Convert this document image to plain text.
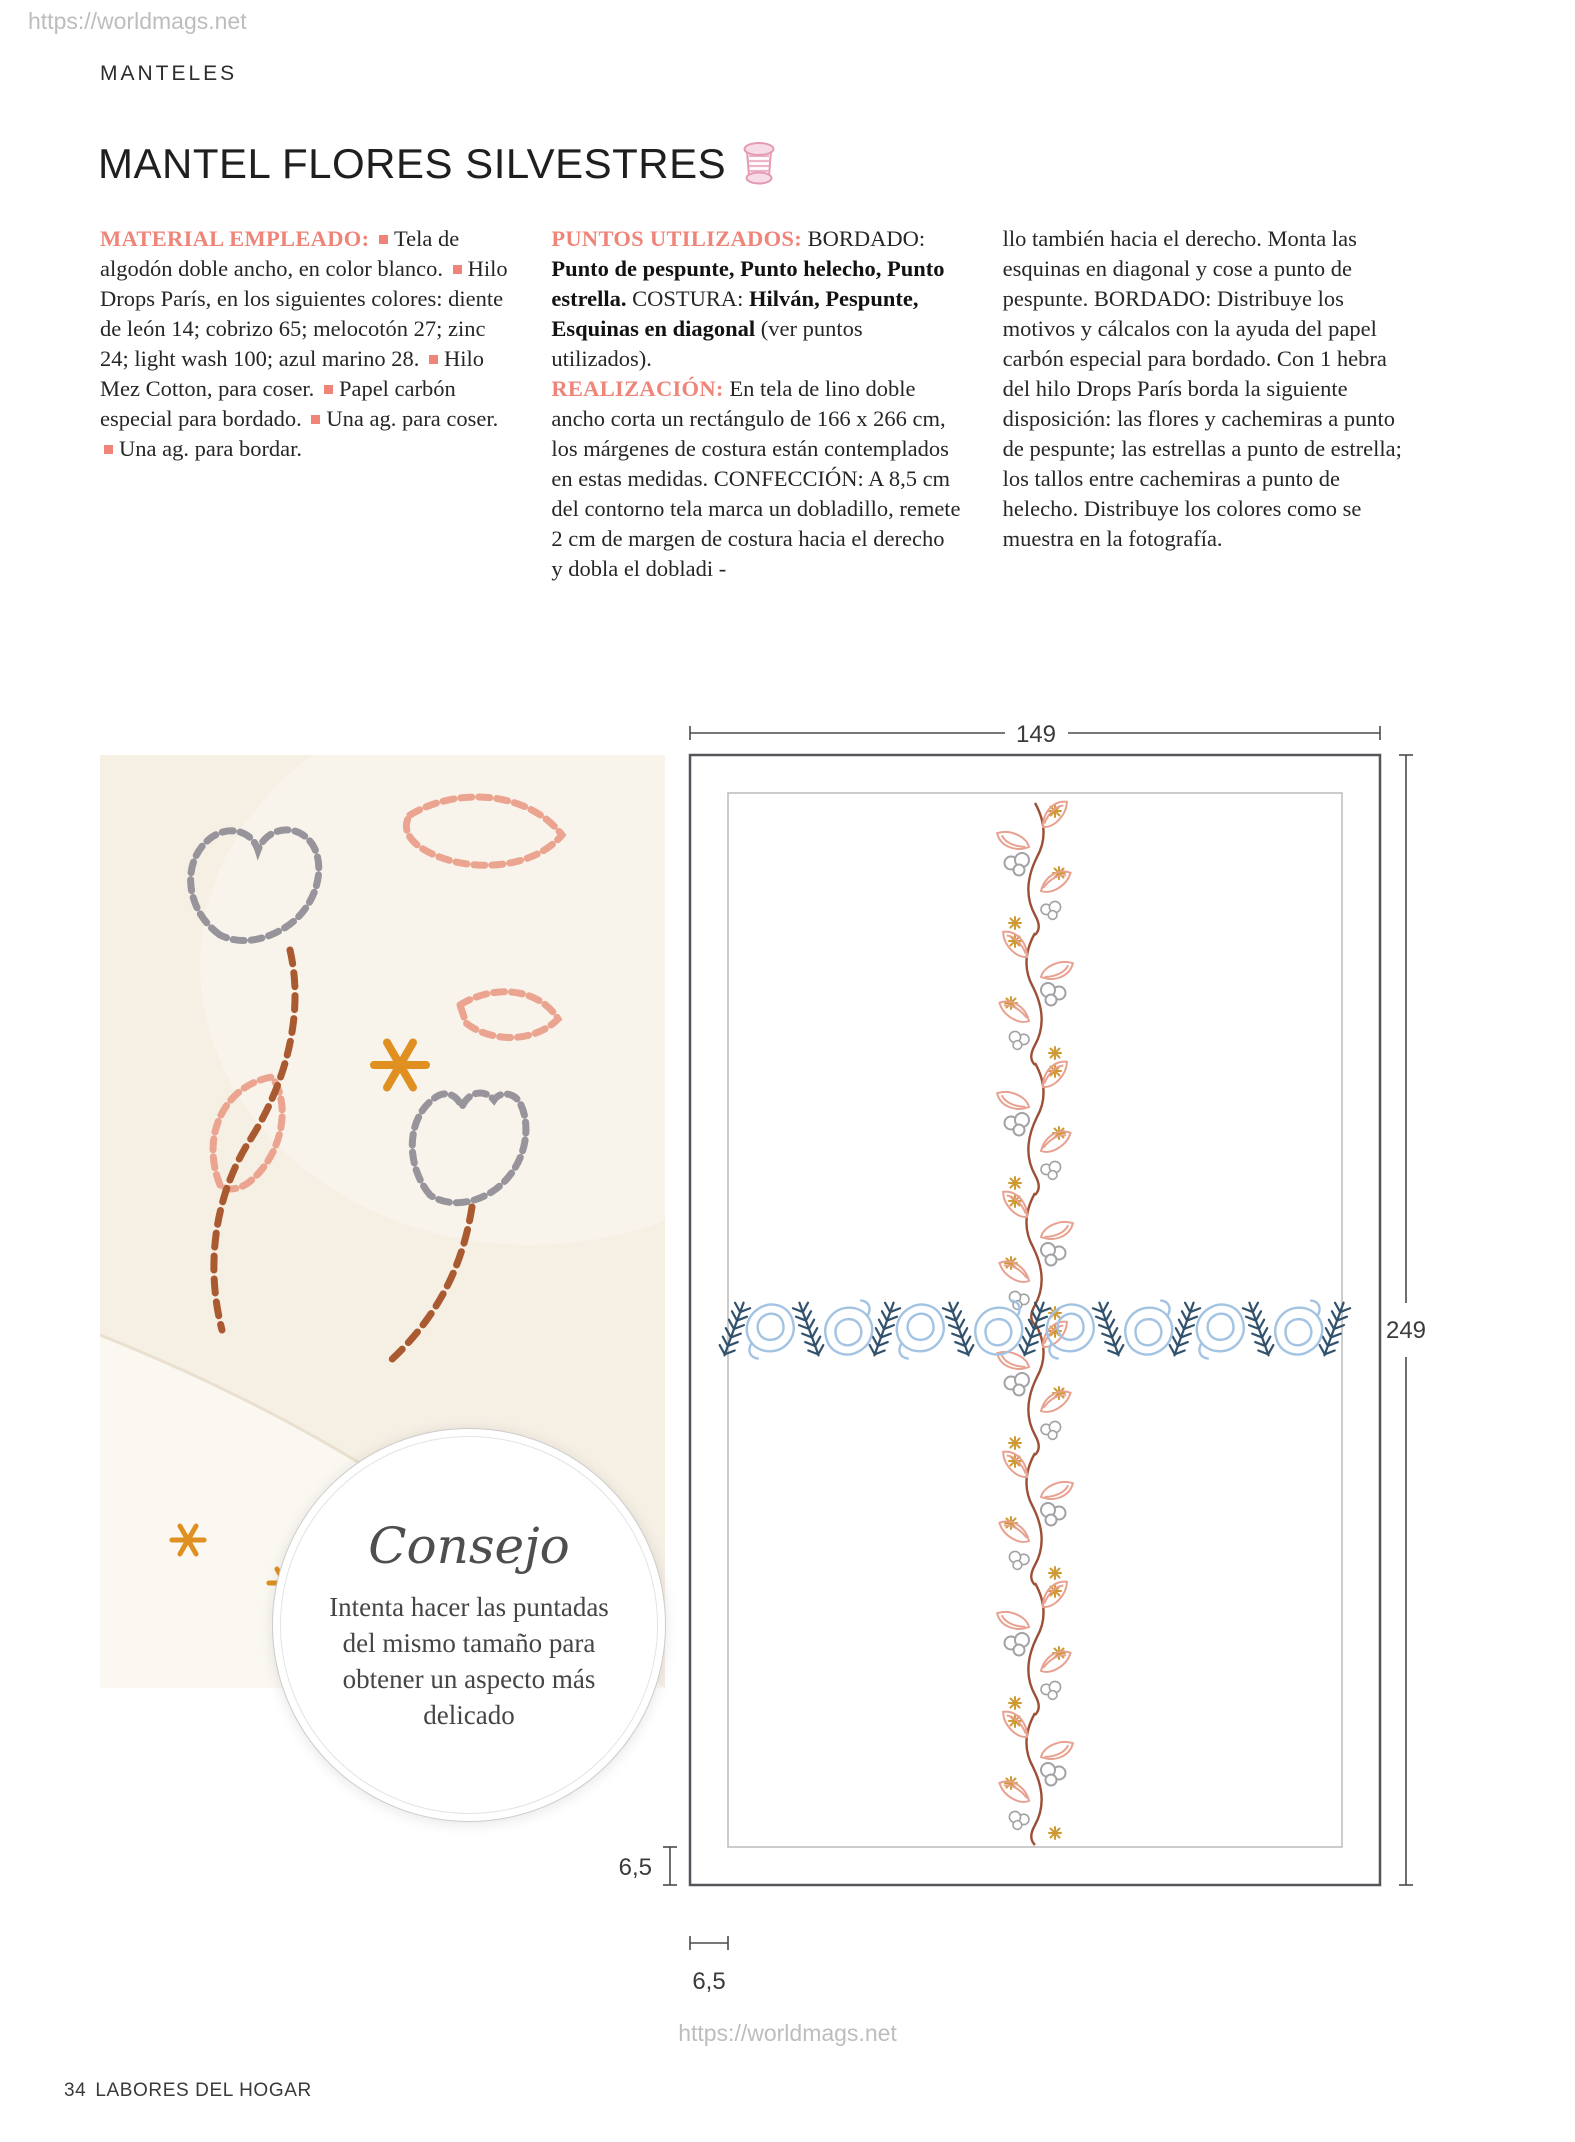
https://worldmags.net
MANTELES
MANTEL FLORES SILVESTRES

MATERIAL EMPLEADO: Tela de algodón doble ancho, en color blanco. Hilo Drops París, en los siguientes colores: diente de león 14; cobrizo 65; melocotón 27; zinc 24; light wash 100; azul marino 28. Hilo Mez Cotton, para coser. Papel carbón especial para bordado. Una ag. para coser. Una ag. para bordar.

PUNTOS UTILIZADOS: BORDADO: Punto de pespunte, Punto helecho, Punto estrella. COSTURA: Hilván, Pespunte, Esquinas en diagonal (ver puntos utilizados).

REALIZACIÓN: En tela de lino doble ancho corta un rectángulo de 166 x 266 cm, los márgenes de costura están contemplados en estas medidas. CONFECCIÓN: A 8,5 cm del contorno tela marca un dobladillo, remete 2 cm de margen de costura hacia el derecho y dobla el dobladi -

llo también hacia el derecho. Monta las esquinas en diagonal y cose a punto de pespunte. BORDADO: Distribuye los motivos y cálcalos con la ayuda del papel carbón especial para bordado. Con 1 hebra del hilo Drops París borda la siguiente disposición: las flores y cachemiras a punto de pespunte; las estrellas a punto de estrella; los tallos entre cachemiras a punto de helecho. Distribuye los colores como se muestra en la fotografía.

Consejo
Intenta hacer las puntadas del mismo tamaño para obtener un aspecto más delicado
149
249
6,5
6,5
https://worldmags.net
34 LABORES DEL HOGAR
